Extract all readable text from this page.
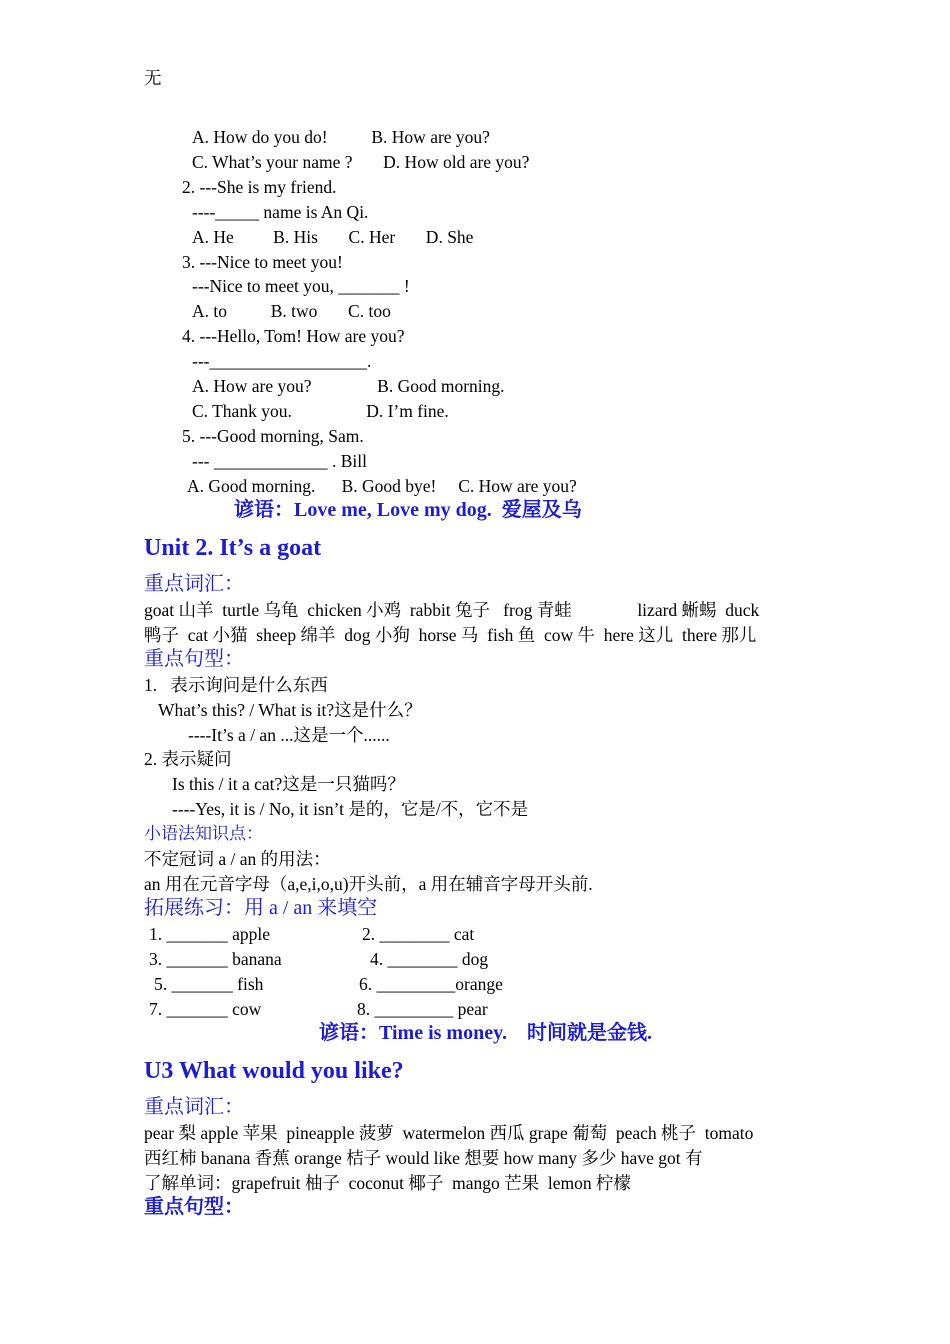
无
A. How do you do!          B. How are you?
C. What’s your name ?       D. How old are you?
2. ---She is my friend.
----_____ name is An Qi.
A. He         B. His       C. Her       D. She
3. ---Nice to meet you!
---Nice to meet you, _______ !
A. to          B. two       C. too
4. ---Hello, Tom! How are you?
---__________________.
A. How are you?               B. Good morning.
C. Thank you.                 D. I’m fine.
5. ---Good morning, Sam.
--- _____________ . Bill
A. Good morning.      B. Good bye!     C. How are you?
谚语：Love me, Love my dog.  爱屋及乌
Unit 2. It’s a goat
重点词汇：
goat 山羊  turtle 乌龟  chicken 小鸡  rabbit 兔子   frog 青蛙               lizard 蜥蜴  duck
鸭子  cat 小猫  sheep 绵羊  dog 小狗  horse 马  fish 鱼  cow 牛  here 这儿  there 那儿
重点句型：
1.   表示询问是什么东西
What’s this? / What is it?这是什么？
----It’s a / an ...这是一个......
2. 表示疑问
Is this / it a cat?这是一只猫吗？
----Yes, it is / No, it isn’t 是的，它是/不，它不是
小语法知识点：
不定冠词 a / an 的用法：
an 用在元音字母（a,e,i,o,u)开头前，a 用在辅音字母开头前.
拓展练习：用 a / an 来填空
1. _______ apple	2. ________ cat
3. _______ banana	4. ________ dog
5. _______ fish	6. _________orange
7. _______ cow	8. _________ pear
谚语：Time is money.    时间就是金钱.
U3 What would you like?
重点词汇：
pear 梨 apple 苹果  pineapple 菠萝  watermelon 西瓜 grape 葡萄  peach 桃子  tomato
西红柿 banana 香蕉 orange 桔子 would like 想要 how many 多少 have got 有
了解单词：grapefruit 柚子  coconut 椰子  mango 芒果  lemon 柠檬
重点句型：
